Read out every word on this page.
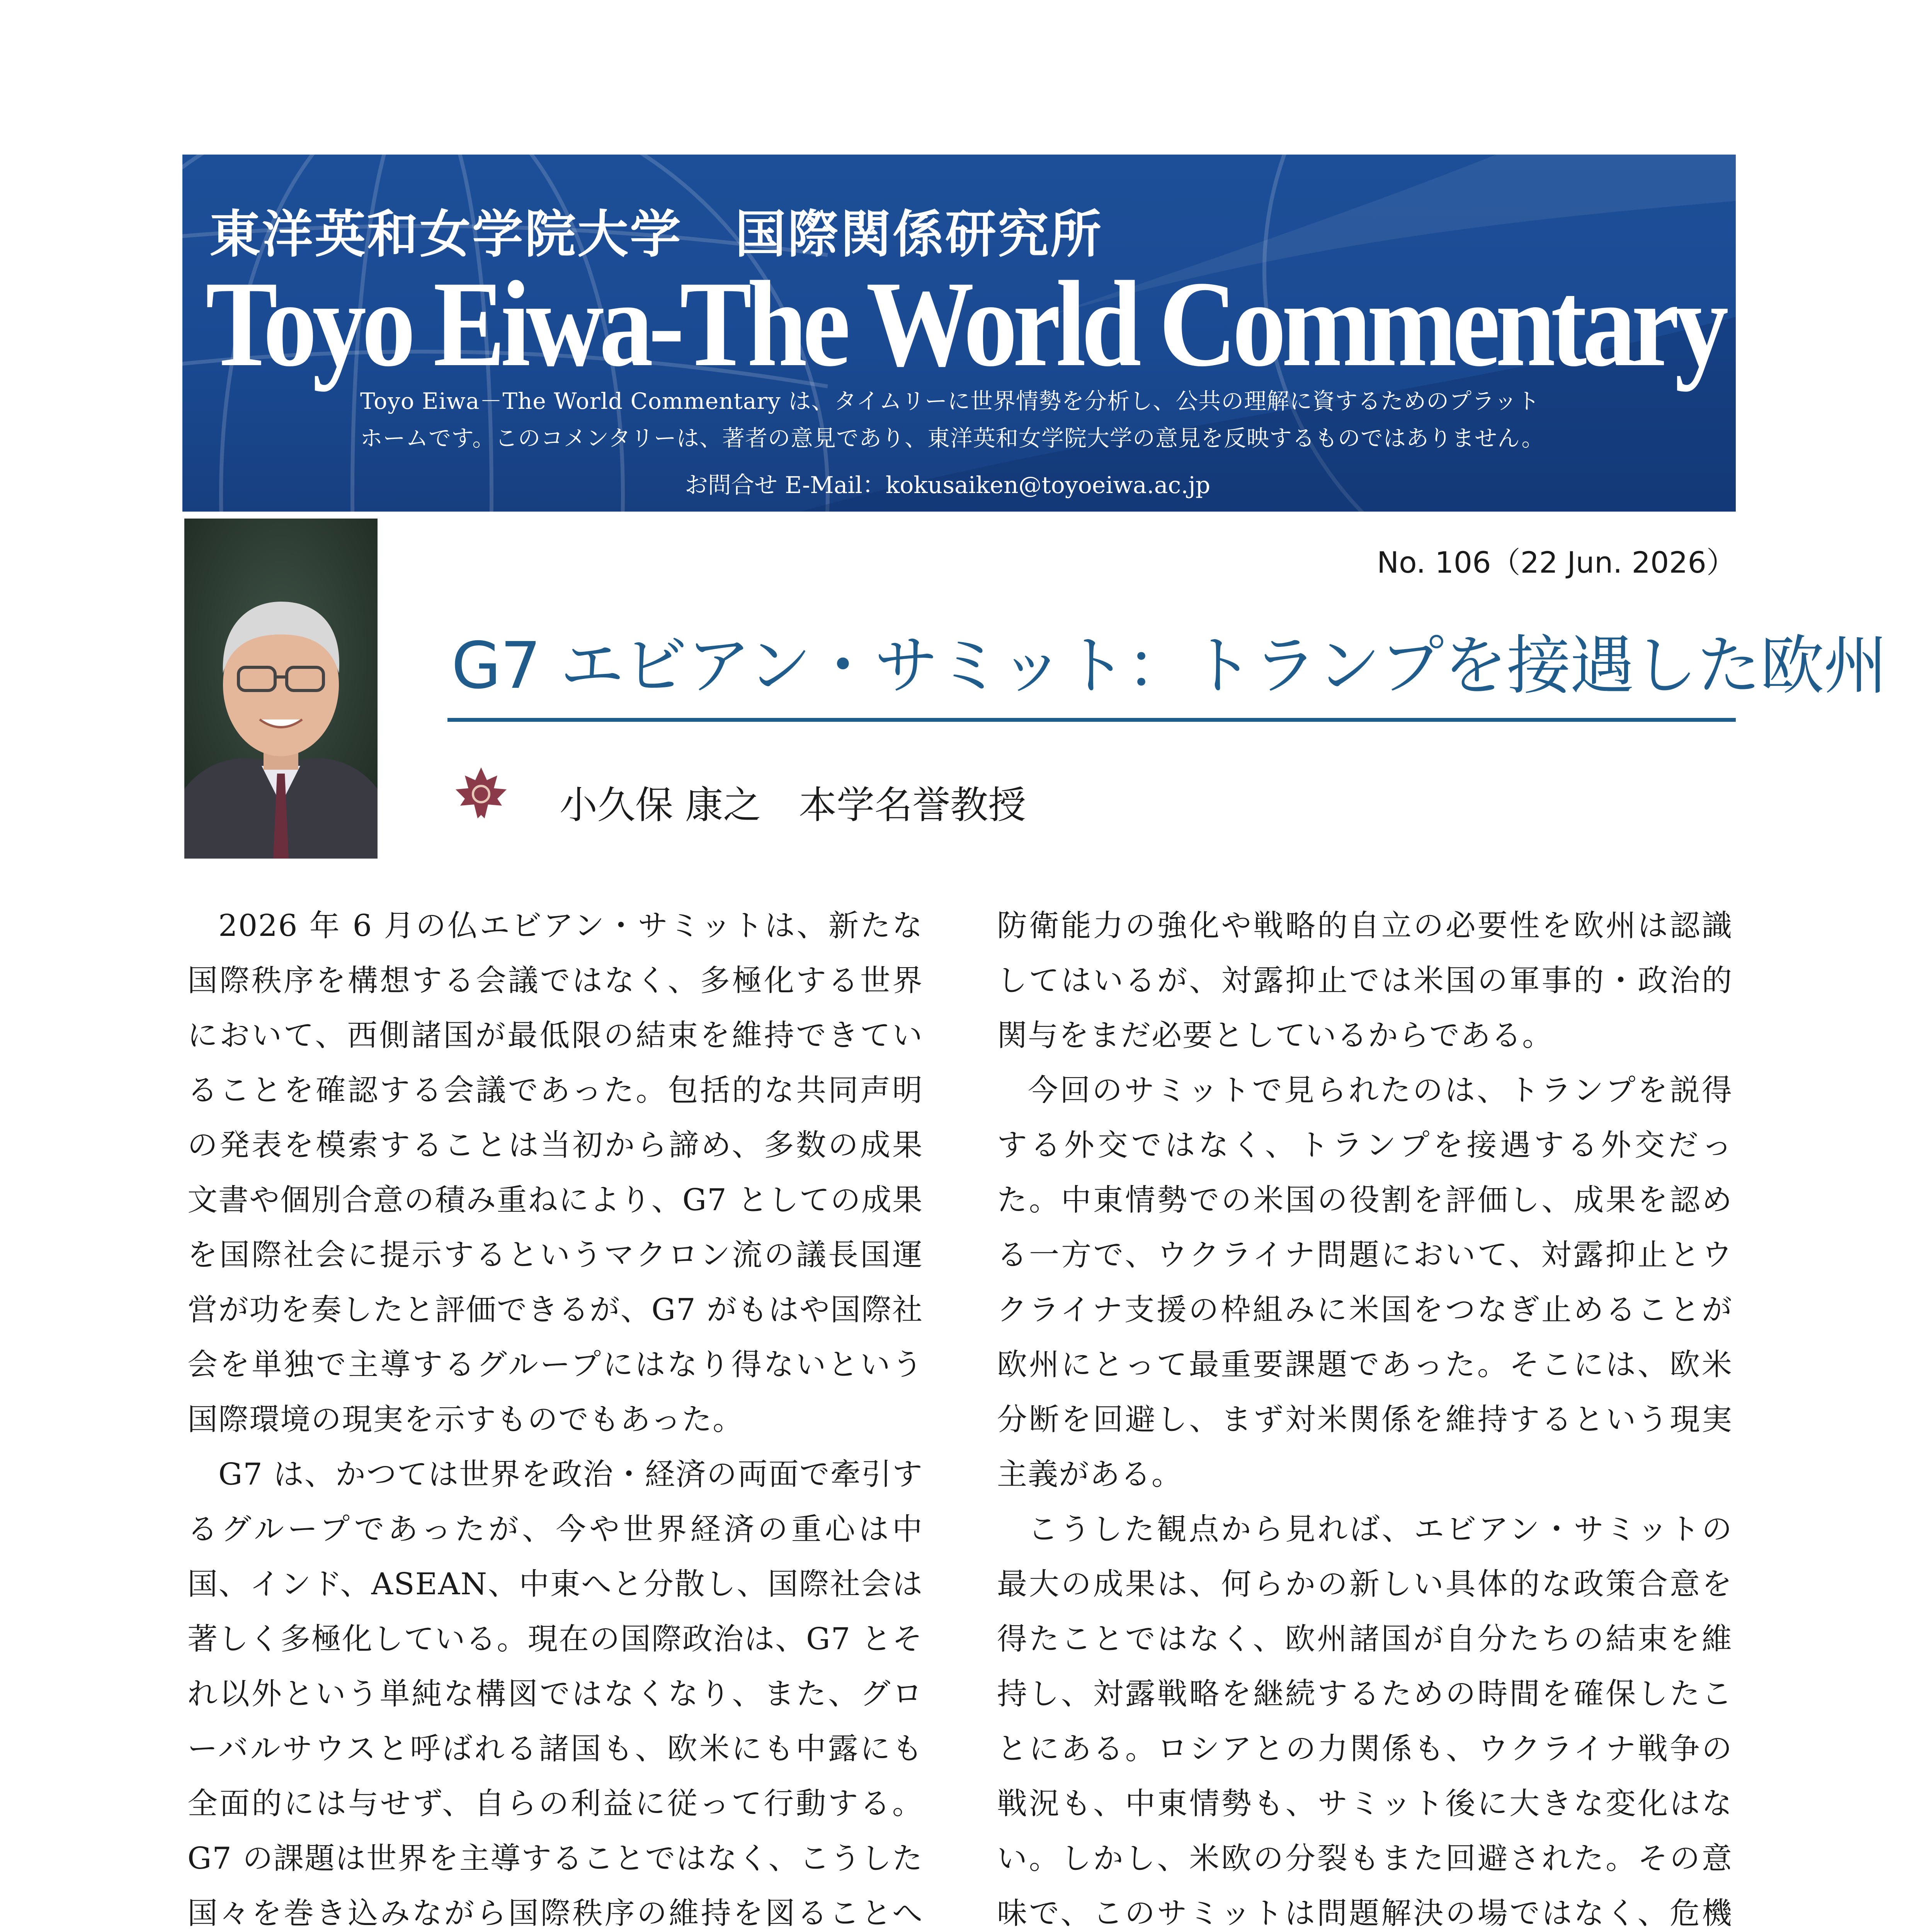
東洋英和女学院大学　国際関係研究所
Toyo Eiwa-The World Commentary
Toyo Eiwa－The World Commentary は、タイムリーに世界情勢を分析し、公共の理解に資するためのプラット
ホームです。このコメンタリーは、著者の意見であり、東洋英和女学院大学の意見を反映するものではありません。
お問合せ E-Mail：kokusaiken@toyoeiwa.ac.jp
No. 106（22 Jun. 2026）
G7 エビアン・サミット：トランプを接遇した欧州
小久保 康之　本学名誉教授

2026 年 6 月の仏エビアン・サミットは、新たな国際秩序を構想する会議ではなく、多極化する世界において、西側諸国が最低限の結束を維持できていることを確認する会議であった。包括的な共同声明の発表を模索することは当初から諦め、多数の成果文書や個別合意の積み重ねにより、G7 としての成果を国際社会に提示するというマクロン流の議長国運営が功を奏したと評価できるが、G7 がもはや国際社会を単独で主導するグループにはなり得ないという国際環境の現実を示すものでもあった。

G7 は、かつては世界を政治・経済の両面で牽引するグループであったが、今や世界経済の重心は中国、インド、ASEAN、中東へと分散し、国際社会は著しく多極化している。現在の国際政治は、G7 とそれ以外という単純な構図ではなくなり、また、グローバルサウスと呼ばれる諸国も、欧米にも中露にも全面的には与せず、自らの利益に従って行動する。G7 の課題は世界を主導することではなく、こうした国々を巻き込みながら国際秩序の維持を図ることへ

防衛能力の強化や戦略的自立の必要性を欧州は認識してはいるが、対露抑止では米国の軍事的・政治的関与をまだ必要としているからである。

今回のサミットで見られたのは、トランプを説得する外交ではなく、トランプを接遇する外交だった。中東情勢での米国の役割を評価し、成果を認める一方で、ウクライナ問題において、対露抑止とウクライナ支援の枠組みに米国をつなぎ止めることが欧州にとって最重要課題であった。そこには、欧米分断を回避し、まず対米関係を維持するという現実主義がある。

こうした観点から見れば、エビアン・サミットの最大の成果は、何らかの新しい具体的な政策合意を得たことではなく、欧州諸国が自分たちの結束を維持し、対露戦略を継続するための時間を確保したことにある。ロシアとの力関係も、ウクライナ戦争の戦況も、中東情勢も、サミット後に大きな変化はない。しかし、米欧の分裂もまた回避された。その意味で、このサミットは問題解決の場ではなく、危機
